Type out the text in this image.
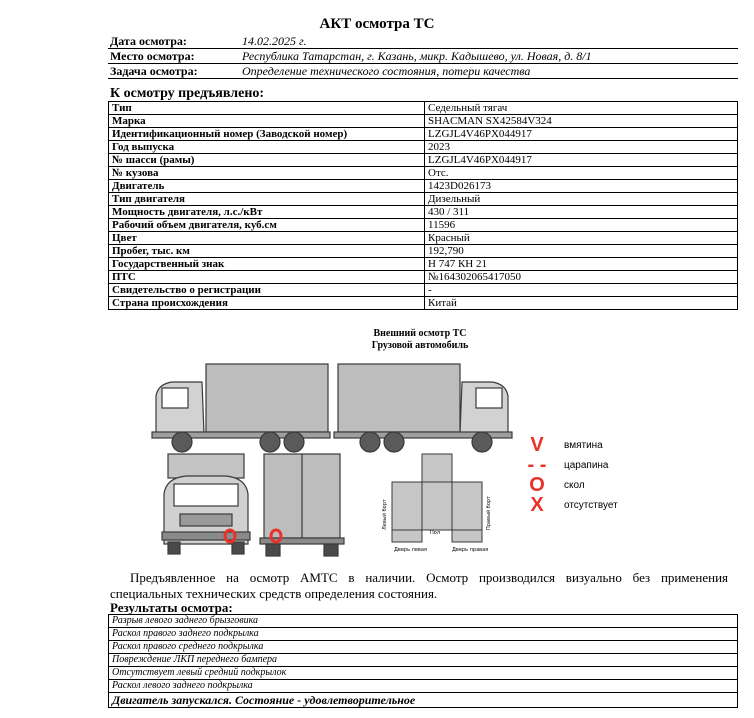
АКТ осмотра ТС
Дата осмотра:	14.02.2025 г.
Место осмотра:	Республика Татарстан, г. Казань, микр. Кадышево, ул. Новая, д. 8/1
Задача осмотра:	Определение технического состояния, потери качества
К осмотру предъявлено:
Тип	Седельный тягач
Марка	SHACMAN SX42584V324
Идентификационный номер (Заводской номер)	LZGJL4V46PX044917
Год выпуска	2023
№ шасси (рамы)	LZGJL4V46PX044917
№ кузова	Отс.
Двигатель	1423D026173
Тип двигателя	Дизельный
Мощность двигателя, л.с./кВт	430 / 311
Рабочий объем двигателя, куб.см	11596
Цвет	Красный
Пробег, тыс. км	192,790
Государственный знак	Н 747 КН 21
ПТС	№164302065417050
Свидетельство о регистрации	-
Страна происхождения	Китай
Внешний осмотр ТС
Грузовой автомобиль
Левый борт	Правый борт
Пол
Дверь левая	Дверь правая
V	вмятина
- -	царапина
O	скол
X	отсутствует
Предъявленное на осмотр АМТС в наличии. Осмотр производился визуально без применения специальных технических средств определения состояния.
Результаты осмотра:
Разрыв левого заднего брызговика
Раскол правого заднего подкрылка
Раскол правого среднего подкрылка
Повреждение ЛКП переднего бампера
Отсутствует левый средний подкрылок
Раскол левого заднего подкрылка
Двигатель запускался. Состояние - удовлетворительное
